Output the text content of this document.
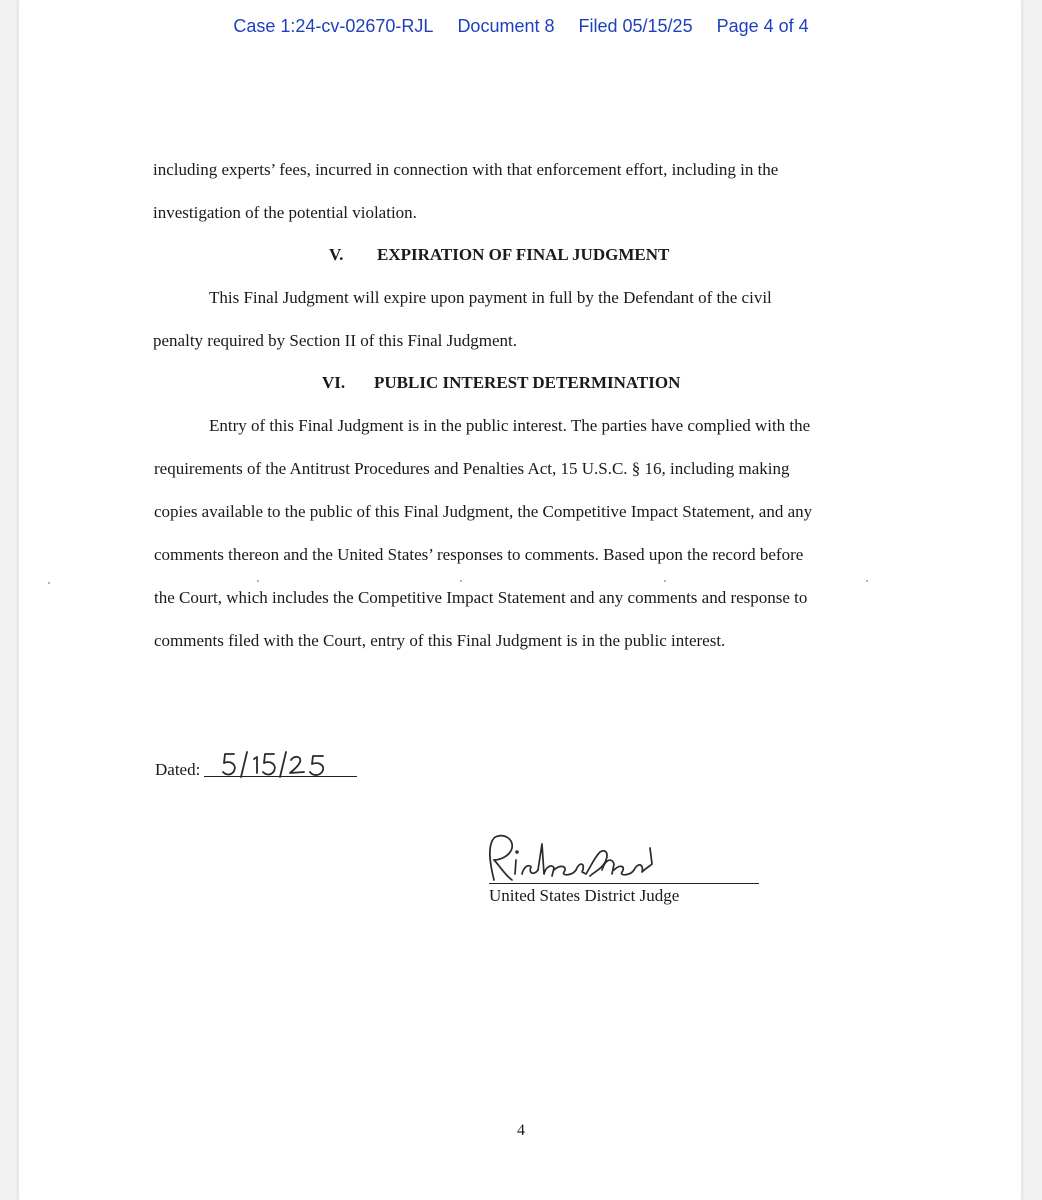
Case 1:24-cv-02670-RJL Document 8 Filed 05/15/25 Page 4 of 4
including experts’ fees, incurred in connection with that enforcement effort, including in the
investigation of the potential violation.
V. EXPIRATION OF FINAL JUDGMENT
This Final Judgment will expire upon payment in full by the Defendant of the civil
penalty required by Section II of this Final Judgment.
VI. PUBLIC INTEREST DETERMINATION
Entry of this Final Judgment is in the public interest. The parties have complied with the
requirements of the Antitrust Procedures and Penalties Act, 15 U.S.C. § 16, including making
copies available to the public of this Final Judgment, the Competitive Impact Statement, and any
comments thereon and the United States’ responses to comments. Based upon the record before
the Court, which includes the Competitive Impact Statement and any comments and response to
comments filed with the Court, entry of this Final Judgment is in the public interest.
Dated:
United States District Judge
4
